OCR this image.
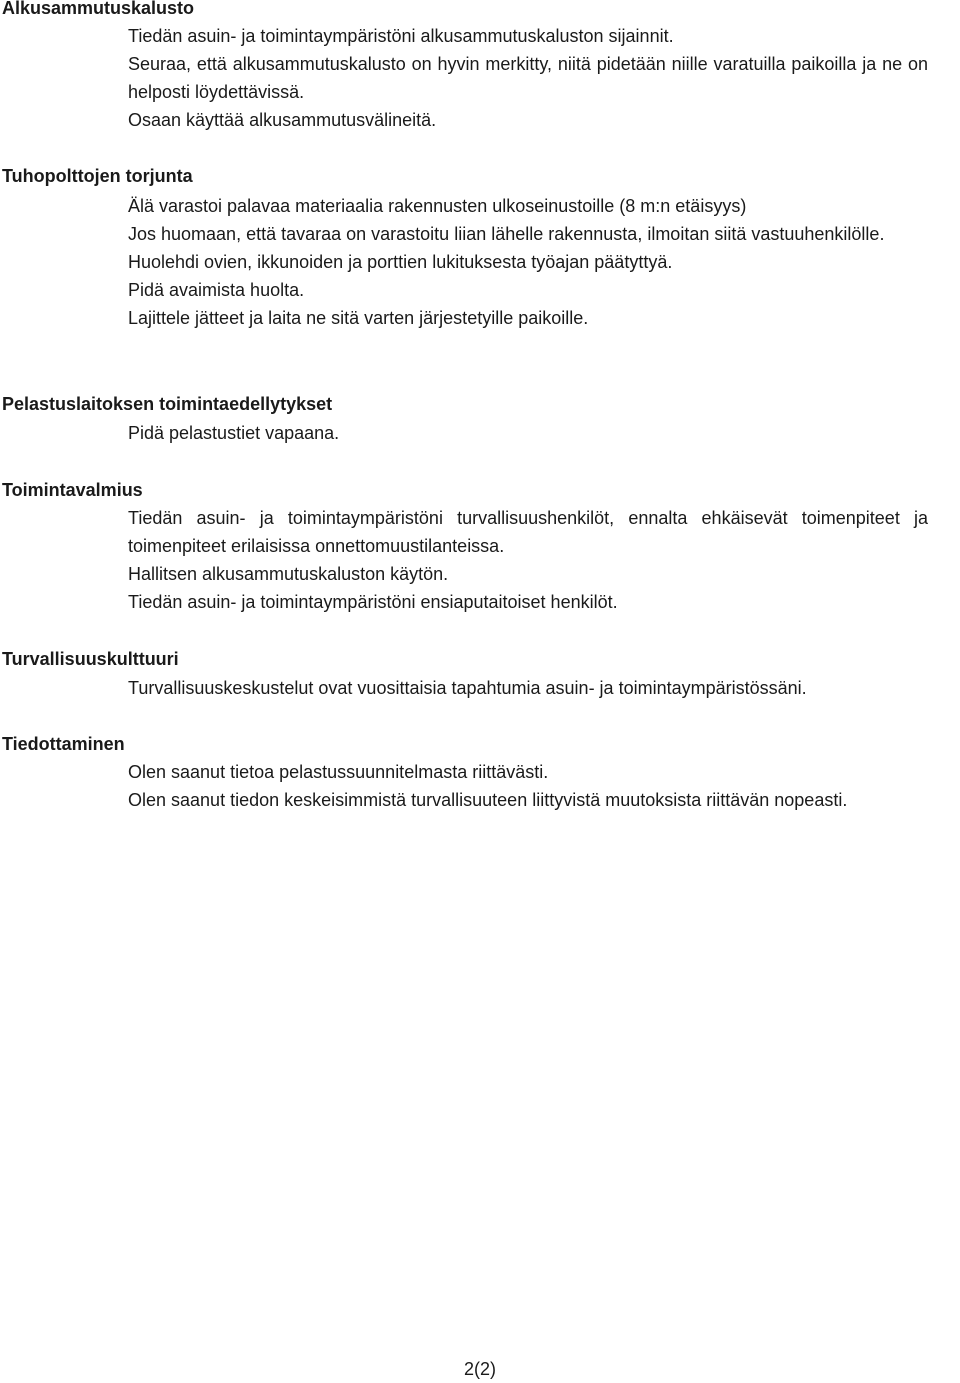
Alkusammutuskalusto

Tiedän asuin- ja toimintaympäristöni alkusammutuskaluston sijainnit.

Seuraa, että alkusammutuskalusto on hyvin merkitty, niitä pidetään niille varatuilla paikoilla ja ne on helposti löydettävissä.

Osaan käyttää alkusammutusvälineitä.

Tuhopolttojen torjunta

Älä varastoi palavaa materiaalia rakennusten ulkoseinustoille (8 m:n etäisyys)

Jos huomaan, että tavaraa on varastoitu liian lähelle rakennusta, ilmoitan siitä vastuuhenkilölle.

Huolehdi ovien, ikkunoiden ja porttien lukituksesta työajan päätyttyä.

Pidä avaimista huolta.

Lajittele jätteet ja laita ne sitä varten järjestetyille paikoille.

Pelastuslaitoksen toimintaedellytykset

Pidä pelastustiet vapaana.

Toimintavalmius

Tiedän asuin- ja toimintaympäristöni turvallisuushenkilöt, ennalta ehkäisevät toimenpiteet ja toimenpiteet erilaisissa onnettomuustilanteissa.

Hallitsen alkusammutuskaluston käytön.

Tiedän asuin- ja toimintaympäristöni ensiaputaitoiset henkilöt.

Turvallisuuskulttuuri

Turvallisuuskeskustelut ovat vuosittaisia tapahtumia asuin- ja toimintaympäristössäni.

Tiedottaminen

Olen saanut tietoa pelastussuunnitelmasta riittävästi.

Olen saanut tiedon keskeisimmistä turvallisuuteen liittyvistä muutoksista riittävän nopeasti.

2(2)
